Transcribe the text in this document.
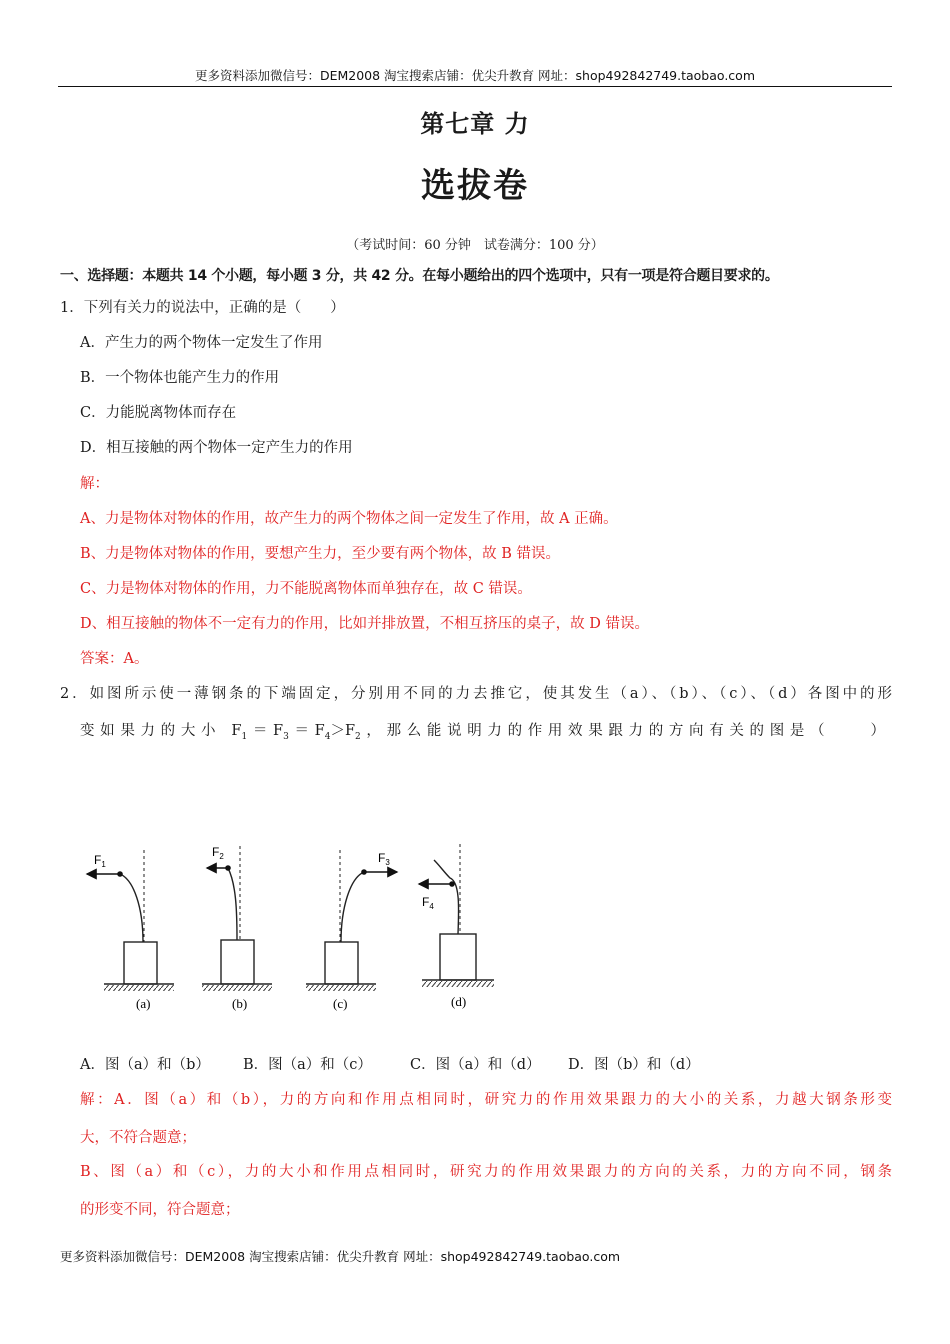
更多资料添加微信号：DEM2008 淘宝搜索店铺：优尖升教育 网址：shop492842749.taobao.com
第七章 力
选拔卷
（考试时间：60 分钟　试卷满分：100 分）
一、选择题：本题共 14 个小题，每小题 3 分，共 42 分。在每小题给出的四个选项中，只有一项是符合题目要求的。
1．下列有关力的说法中，正确的是（　　）
A．产生力的两个物体一定发生了作用
B．一个物体也能产生力的作用
C．力能脱离物体而存在
D．相互接触的两个物体一定产生力的作用
解：
A、力是物体对物体的作用，故产生力的两个物体之间一定发生了作用，故 A 正确。
B、力是物体对物体的作用，要想产生力，至少要有两个物体，故 B 错误。
C、力是物体对物体的作用，力不能脱离物体而单独存在，故 C 错误。
D、相互接触的物体不一定有力的作用，比如并排放置，不相互挤压的桌子，故 D 错误。
答案：A。
2．如图所示使一薄钢条的下端固定，分别用不同的力去推它，使其发生（a）、（b）、（c）、（d）各图中的形
变如果力的大小 $F_1=F_3=F_4>F_2$，那么能说明力的作用效果跟力的方向有关的图是（　　）
$F_1$
(a)
$F_2$
(b)
$F_3$
(c)
$F_4$
(d)
A．图（a）和（b） B．图（a）和（c）	C．图（a）和（d） D．图（b）和（d）
解：A．图（a）和（b），力的方向和作用点相同时，研究力的作用效果跟力的大小的关系，力越大钢条形变
大，不符合题意；
B、图（a）和（c），力的大小和作用点相同时，研究力的作用效果跟力的方向的关系，力的方向不同，钢条
的形变不同，符合题意；
更多资料添加微信号：DEM2008 淘宝搜索店铺：优尖升教育 网址：shop492842749.taobao.com
